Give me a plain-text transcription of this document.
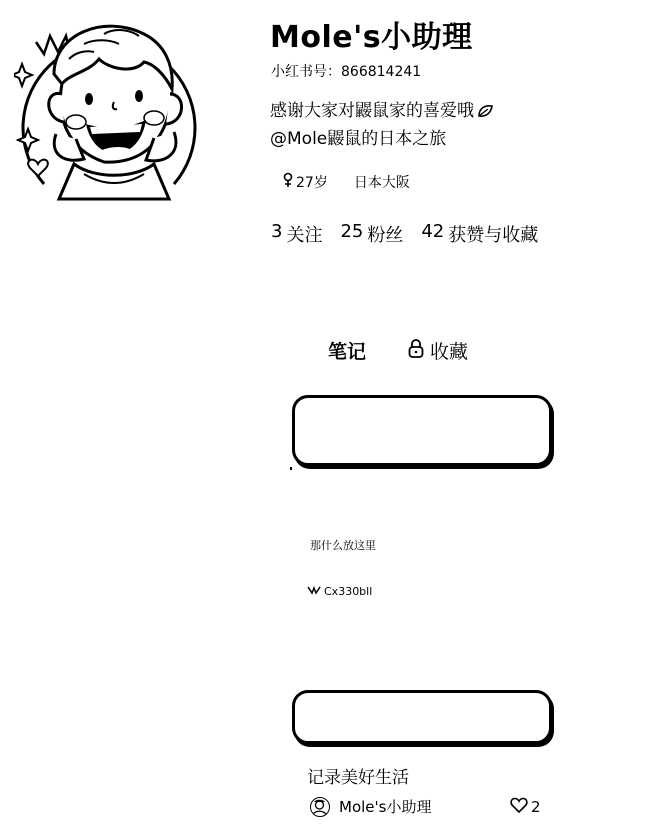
Mole's小助理
小红书号：866814241
感谢大家对鼹鼠家的喜爱哦
@Mole鼹鼠的日本之旅
27岁 日本大阪
3 关注 25 粉丝 42 获赞与收藏
笔记	收藏
那什么放这里
Cx330bll
记录美好生活
Mole's小助理	2
